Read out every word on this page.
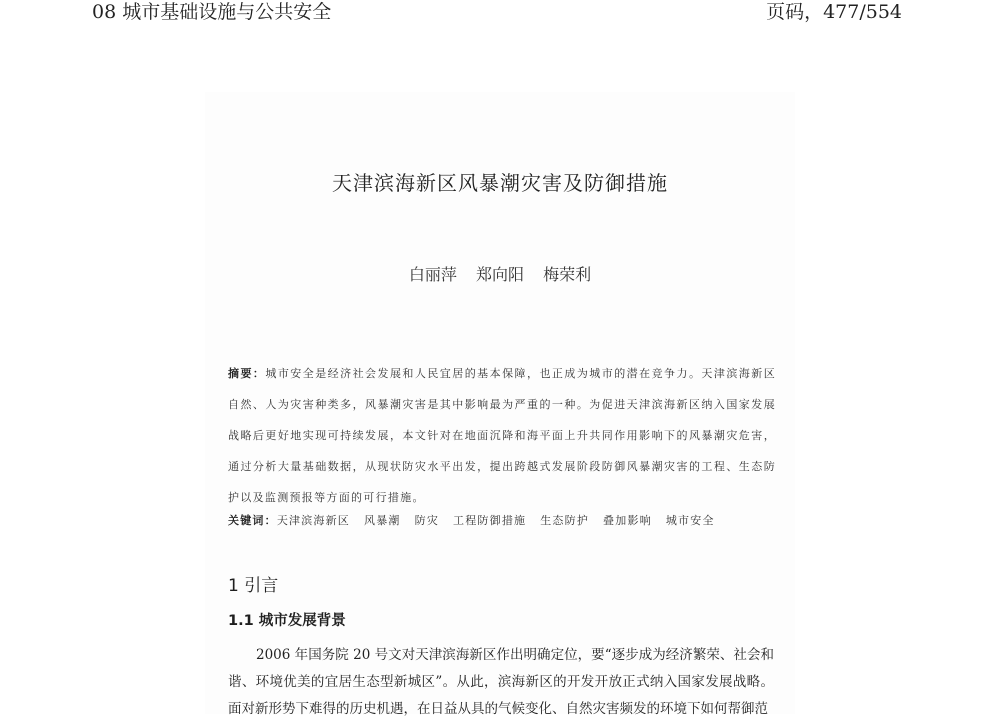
08 城市基础设施与公共安全	页码，477/554
天津滨海新区风暴潮灾害及防御措施
白丽萍 郑向阳 梅荣利
摘要：城市安全是经济社会发展和人民宜居的基本保障，也正成为城市的潜在竞争力。天津滨海新区自然、人为灾害种类多，风暴潮灾害是其中影响最为严重的一种。为促进天津滨海新区纳入国家发展战略后更好地实现可持续发展，本文针对在地面沉降和海平面上升共同作用影响下的风暴潮灾危害，通过分析大量基础数据，从现状防灾水平出发，提出跨越式发展阶段防御风暴潮灾害的工程、生态防护以及监测预报等方面的可行措施。
关键词：天津滨海新区 风暴潮 防灾 工程防御措施 生态防护 叠加影响 城市安全
1 引言
1.1 城市发展背景
2006 年国务院 20 号文对天津滨海新区作出明确定位，要“逐步成为经济繁荣、社会和谐、环境优美的宜居生态型新城区”。从此，滨海新区的开发开放正式纳入国家发展战略。面对新形势下难得的历史机遇，在日益从具的气候变化、自然灾害频发的环境下如何帮御范
